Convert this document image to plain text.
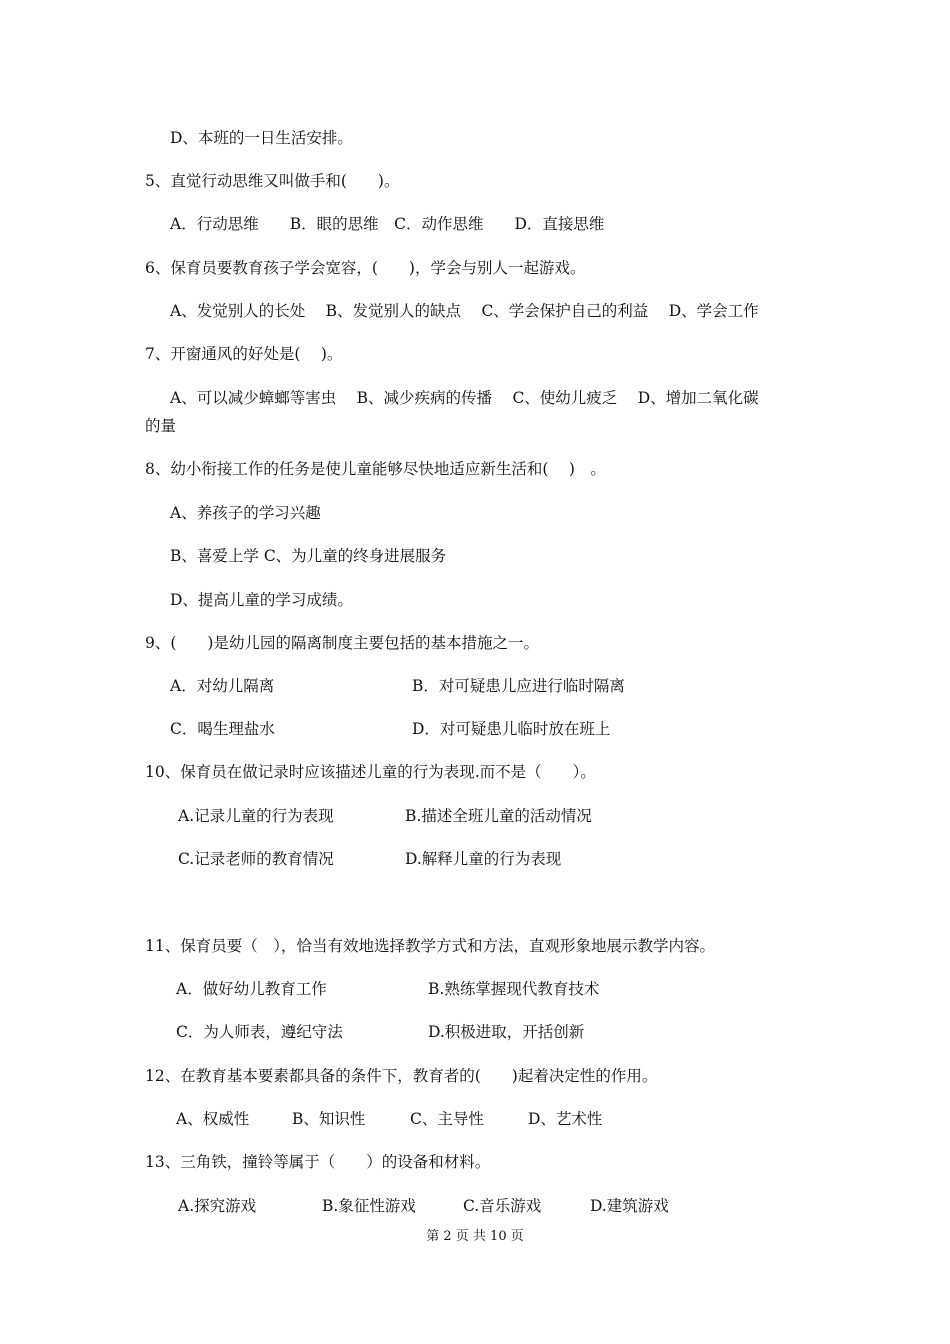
D、本班的一日生活安排。
5、直觉行动思维又叫做手和(　　)。
A．行动思维　　B．眼的思维　C．动作思维　　D．直接思维
6、保育员要教育孩子学会宽容，(　　)，学会与别人一起游戏。
A、发觉别人的长处　 B、发觉别人的缺点　 C、学会保护自己的利益　 D、学会工作
7、开窗通风的好处是(　 )。
A、可以减少蟑螂等害虫　 B、减少疾病的传播　 C、使幼儿疲乏　 D、增加二氧化碳
的量
8、幼小衔接工作的任务是使儿童能够尽快地适应新生活和(　 )　。
A、养孩子的学习兴趣
B、喜爱上学 C、为儿童的终身进展服务
D、提高儿童的学习成绩。
9、(　　)是幼儿园的隔离制度主要包括的基本措施之一。
A．对幼儿隔离	B．对可疑患儿应进行临时隔离
C．喝生理盐水	D．对可疑患儿临时放在班上
10、保育员在做记录时应该描述儿童的行为表现.而不是（　　）。
A.记录儿童的行为表现	B.描述全班儿童的活动情况
C.记录老师的教育情况	D.解释儿童的行为表现
11、保育员要（　），恰当有效地选择教学方式和方法，直观形象地展示教学内容。
A．做好幼儿教育工作	B.熟练掌握现代教育技术
C．为人师表，遵纪守法	D.积极进取，开括创新
12、在教育基本要素都具备的条件下，教育者的(　　)起着决定性的作用。
A、权威性	B、知识性	C、主导性	D、艺术性
13、三角铁，撞铃等属于（　　）的设备和材料。
A.探究游戏	B.象征性游戏	C.音乐游戏	D.建筑游戏
第 2 页 共 10 页
